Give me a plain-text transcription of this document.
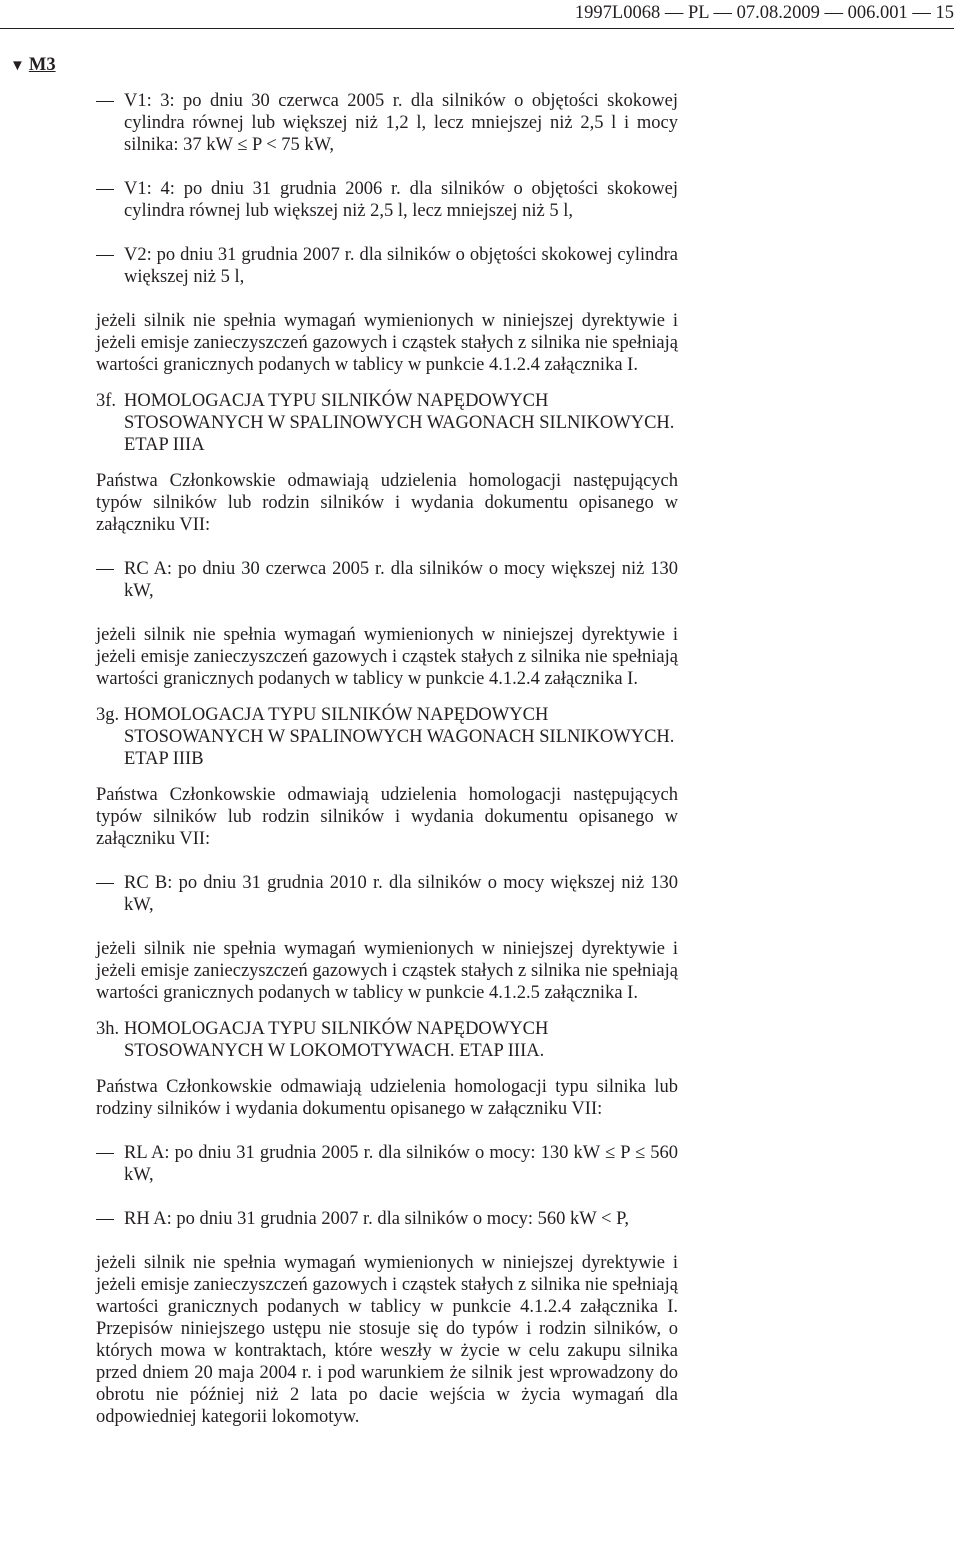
1997L0068 — PL — 07.08.2009 — 006.001 — 15
▼ M3
V1: 3: po dniu 30 czerwca 2005 r. dla silników o objętości skokowej cylindra równej lub większej niż 1,2 l, lecz mniejszej niż 2,5 l i mocy silnika: 37 kW ≤ P < 75 kW,
V1: 4: po dniu 31 grudnia 2006 r. dla silników o objętości skokowej cylindra równej lub większej niż 2,5 l, lecz mniejszej niż 5 l,
V2: po dniu 31 grudnia 2007 r. dla silników o objętości skokowej cylindra większej niż 5 l,
jeżeli silnik nie spełnia wymagań wymienionych w niniejszej dyrektywie i jeżeli emisje zanieczyszczeń gazowych i cząstek stałych z silnika nie spełniają wartości granicznych podanych w tablicy w punkcie 4.1.2.4 załącznika I.
3f. HOMOLOGACJA TYPU SILNIKÓW NAPĘDOWYCH STOSOWANYCH W SPALINOWYCH WAGONACH SILNIKOWYCH. ETAP IIIA
Państwa Członkowskie odmawiają udzielenia homologacji następujących typów silników lub rodzin silników i wydania dokumentu opisanego w załączniku VII:
RC A: po dniu 30 czerwca 2005 r. dla silników o mocy większej niż 130 kW,
jeżeli silnik nie spełnia wymagań wymienionych w niniejszej dyrektywie i jeżeli emisje zanieczyszczeń gazowych i cząstek stałych z silnika nie spełniają wartości granicznych podanych w tablicy w punkcie 4.1.2.4 załącznika I.
3g. HOMOLOGACJA TYPU SILNIKÓW NAPĘDOWYCH STOSOWANYCH W SPALINOWYCH WAGONACH SILNIKOWYCH. ETAP IIIB
Państwa Członkowskie odmawiają udzielenia homologacji następujących typów silników lub rodzin silników i wydania dokumentu opisanego w załączniku VII:
RC B: po dniu 31 grudnia 2010 r. dla silników o mocy większej niż 130 kW,
jeżeli silnik nie spełnia wymagań wymienionych w niniejszej dyrektywie i jeżeli emisje zanieczyszczeń gazowych i cząstek stałych z silnika nie spełniają wartości granicznych podanych w tablicy w punkcie 4.1.2.5 załącznika I.
3h. HOMOLOGACJA TYPU SILNIKÓW NAPĘDOWYCH STOSOWANYCH W LOKOMOTYWACH. ETAP IIIA.
Państwa Członkowskie odmawiają udzielenia homologacji typu silnika lub rodziny silników i wydania dokumentu opisanego w załączniku VII:
RL A: po dniu 31 grudnia 2005 r. dla silników o mocy: 130 kW ≤ P ≤ 560 kW,
RH A: po dniu 31 grudnia 2007 r. dla silników o mocy: 560 kW < P,
jeżeli silnik nie spełnia wymagań wymienionych w niniejszej dyrektywie i jeżeli emisje zanieczyszczeń gazowych i cząstek stałych z silnika nie spełniają wartości granicznych podanych w tablicy w punkcie 4.1.2.4 załącznika I. Przepisów niniejszego ustępu nie stosuje się do typów i rodzin silników, o których mowa w kontraktach, które weszły w życie w celu zakupu silnika przed dniem 20 maja 2004 r. i pod warunkiem że silnik jest wprowadzony do obrotu nie później niż 2 lata po dacie wejścia w życia wymagań dla odpowiedniej kategorii lokomotyw.
